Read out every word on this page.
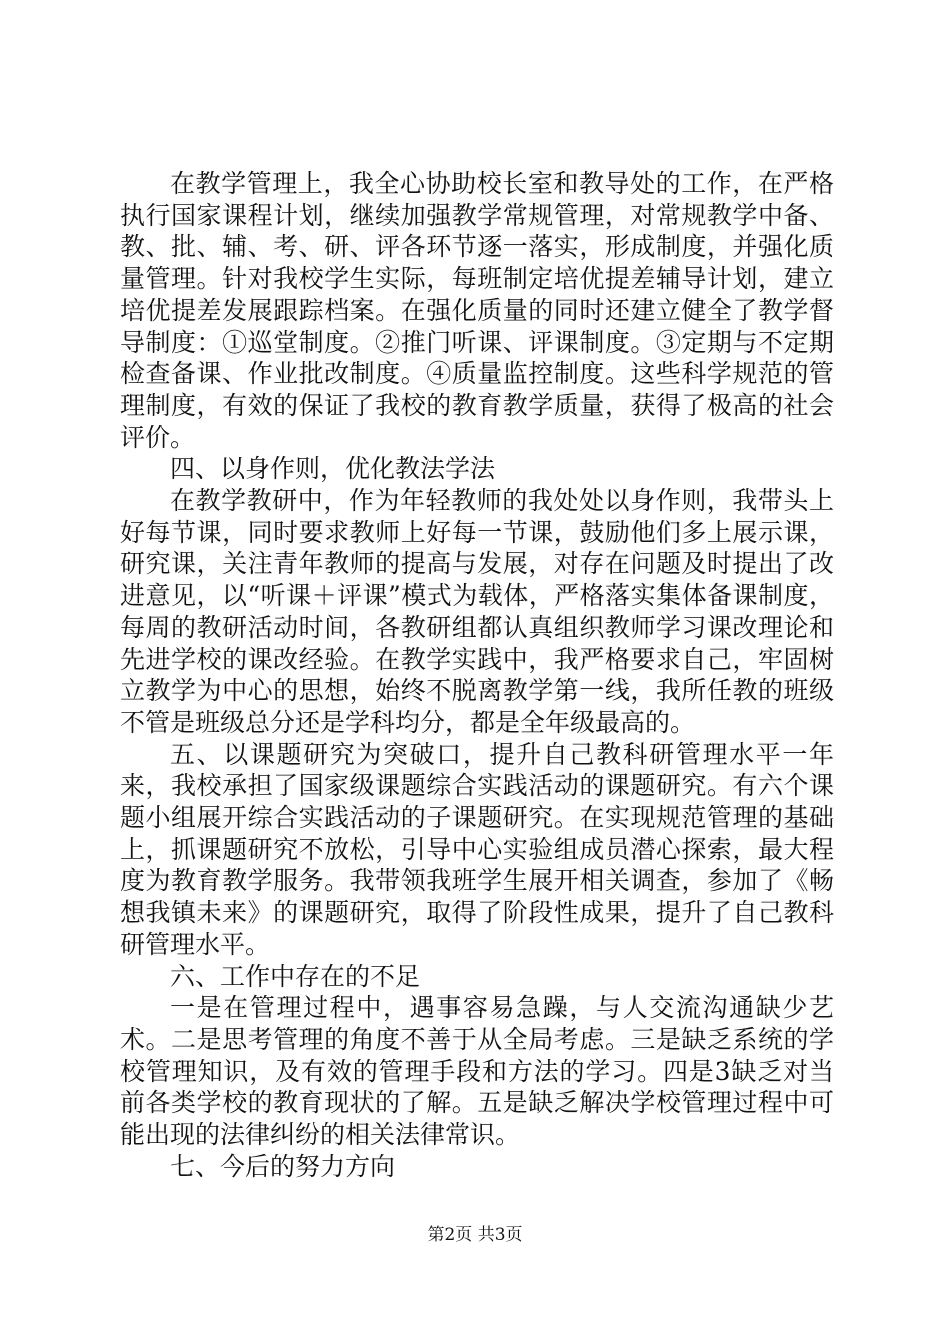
在教学管理上，我全心协助校长室和教导处的工作，在严格执行国家课程计划，继续加强教学常规管理，对常规教学中备、教、批、辅、考、研、评各环节逐一落实，形成制度，并强化质量管理。针对我校学生实际，每班制定培优提差辅导计划，建立培优提差发展跟踪档案。在强化质量的同时还建立健全了教学督导制度：①巡堂制度。②推门听课、评课制度。③定期与不定期检查备课、作业批改制度。④质量监控制度。这些科学规范的管理制度，有效的保证了我校的教育教学质量，获得了极高的社会评价。

四、以身作则，优化教法学法

在教学教研中，作为年轻教师的我处处以身作则，我带头上好每节课，同时要求教师上好每一节课，鼓励他们多上展示课，研究课，关注青年教师的提高与发展，对存在问题及时提出了改进意见，以“听课＋评课”模式为载体，严格落实集体备课制度，每周的教研活动时间，各教研组都认真组织教师学习课改理论和先进学校的课改经验。在教学实践中，我严格要求自己，牢固树立教学为中心的思想，始终不脱离教学第一线，我所任教的班级不管是班级总分还是学科均分，都是全年级最高的。

五、以课题研究为突破口，提升自己教科研管理水平一年来，我校承担了国家级课题综合实践活动的课题研究。有六个课题小组展开综合实践活动的子课题研究。在实现规范管理的基础上，抓课题研究不放松，引导中心实验组成员潜心探索，最大程度为教育教学服务。我带领我班学生展开相关调查，参加了《畅想我镇未来》的课题研究，取得了阶段性成果，提升了自己教科研管理水平。

六、工作中存在的不足

一是在管理过程中，遇事容易急躁，与人交流沟通缺少艺术。二是思考管理的角度不善于从全局考虑。三是缺乏系统的学校管理知识，及有效的管理手段和方法的学习。四是3缺乏对当前各类学校的教育现状的了解。五是缺乏解决学校管理过程中可能出现的法律纠纷的相关法律常识。

七、今后的努力方向

第2页 共3页
